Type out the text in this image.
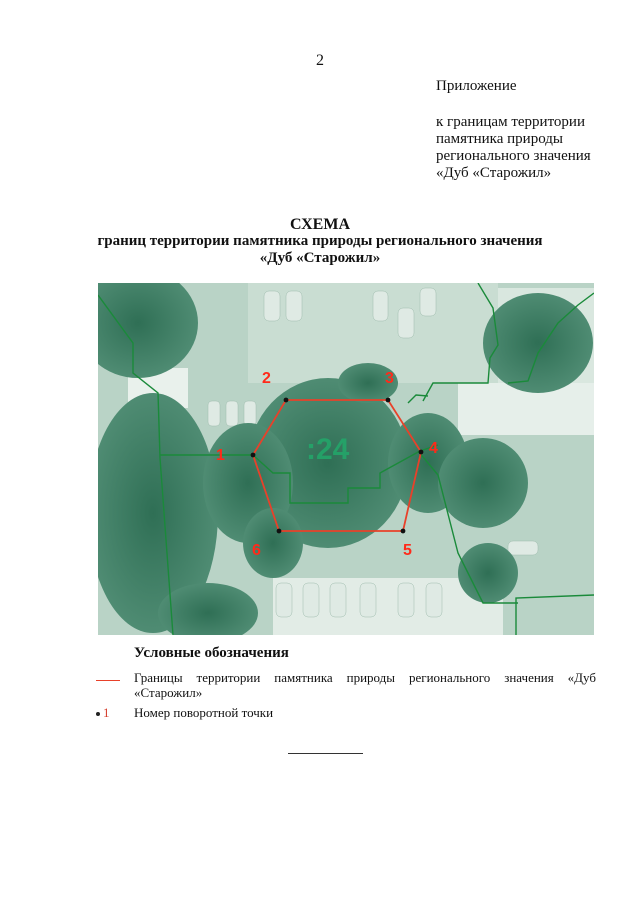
2
Приложение
к границам территории
памятника природы
регионального значения
«Дуб «Старожил»
СХЕМА
границ территории памятника природы регионального значения
«Дуб «Старожил»
1
2	3
4
5
6
:24
Условные обозначения
Границы территории памятника природы регионального значения «Дуб «Старожил»
1 Номер поворотной точки
